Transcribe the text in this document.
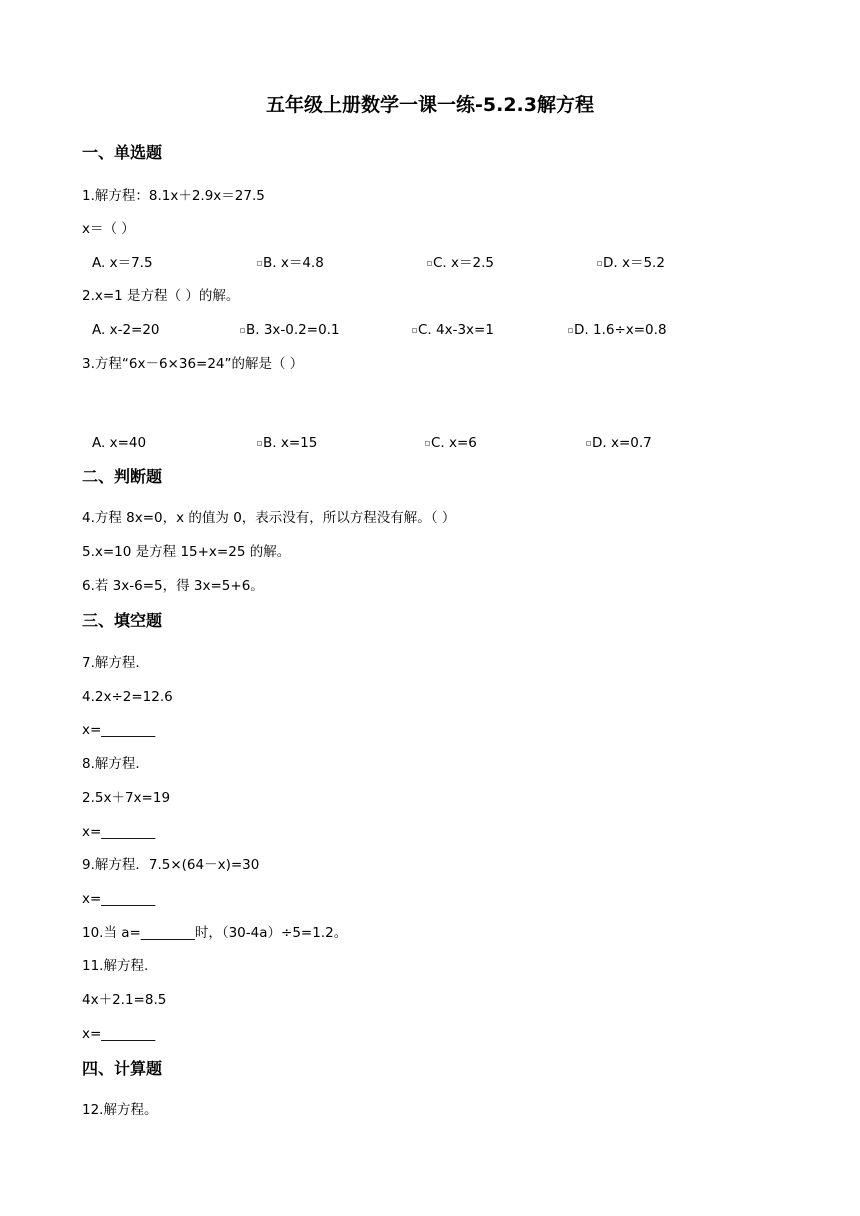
五年级上册数学一课一练-5.2.3解方程
一、单选题
1.解方程：8.1x＋2.9x＝27.5
x＝（ ）
A. x＝7.5	B. x＝4.8	C. x＝2.5	D. x＝5.2
2.x=1 是方程（ ）的解。
A. x-2=20	B. 3x-0.2=0.1	C. 4x-3x=1	D. 1.6÷x=0.8
3.方程“6x－6×36=24”的解是（ ）
A. x=40	B. x=15	C. x=6	D. x=0.7
二、判断题
4.方程 8x=0，x 的值为 0，表示没有，所以方程没有解。（ ）
5.x=10 是方程 15+x=25 的解。
6.若 3x-6=5，得 3x=5+6。
三、填空题
7.解方程.
4.2x÷2=12.6
x=________
8.解方程.
2.5x＋7x=19
x=________
9.解方程．7.5×(64－x)=30
x=________
10.当 a=________时，（30-4a）÷5=1.2。
11.解方程.
4x＋2.1=8.5
x=________
四、计算题
12.解方程。
